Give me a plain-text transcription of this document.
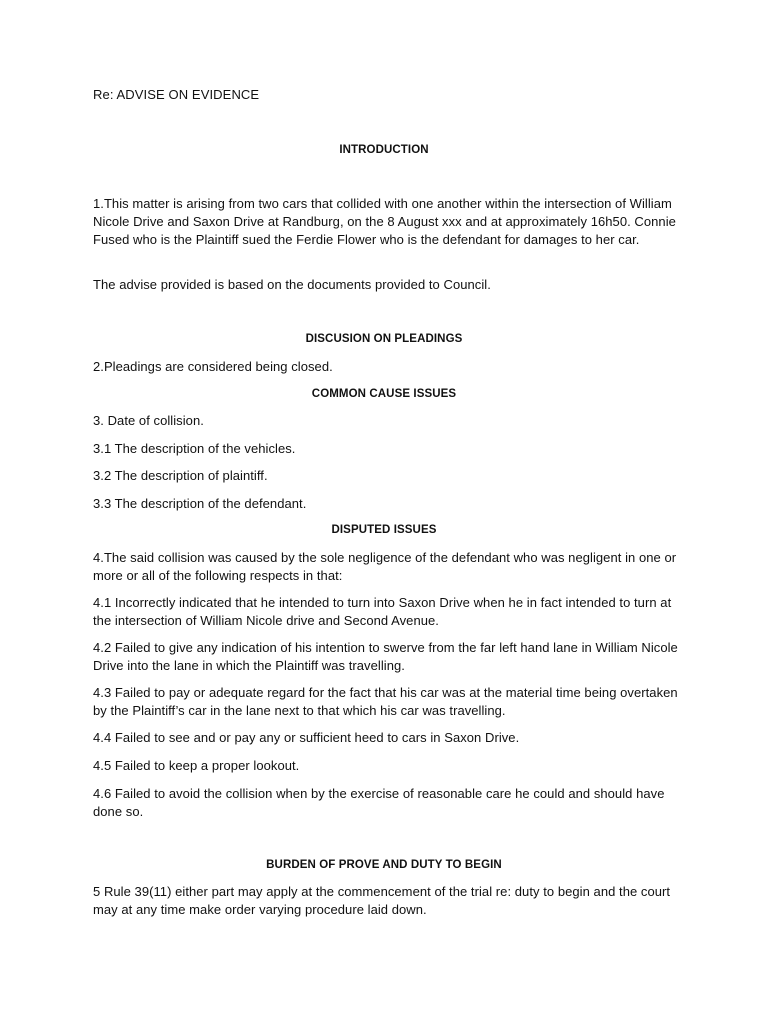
Re: ADVISE ON EVIDENCE
INTRODUCTION
1.This matter is arising from two cars that collided with one another within the intersection of William Nicole Drive and Saxon Drive at Randburg, on the 8 August xxx and at approximately 16h50. Connie Fused who is the Plaintiff sued the Ferdie Flower who is the defendant for damages to her car.
The advise provided is based on the documents provided to Council.
DISCUSION ON PLEADINGS
2.Pleadings are considered being closed.
COMMON CAUSE ISSUES
3. Date of collision.
3.1 The description of the vehicles.
3.2 The description of plaintiff.
3.3 The description of the defendant.
DISPUTED ISSUES
4.The said collision was caused by the sole negligence of the defendant who was negligent in one or more or all of the following respects in that:
4.1 Incorrectly indicated that he intended to turn into Saxon Drive when he in fact intended to turn at the intersection of William Nicole drive and Second Avenue.
4.2 Failed to give any indication of his intention to swerve from the far left hand lane in William Nicole Drive into the lane in which the Plaintiff was travelling.
4.3 Failed to pay or adequate regard for the fact that his car was at the material time being overtaken by the Plaintiff’s car in the lane next to that which his car was travelling.
4.4 Failed to see and or pay any or sufficient heed to cars in Saxon Drive.
4.5 Failed to keep a proper lookout.
4.6 Failed to avoid the collision when by the exercise of reasonable care he could and should have done so.
BURDEN OF PROVE AND DUTY TO BEGIN
5 Rule 39(11) either part may apply at the commencement of the trial re: duty to begin and the court may at any time make order varying procedure laid down.
